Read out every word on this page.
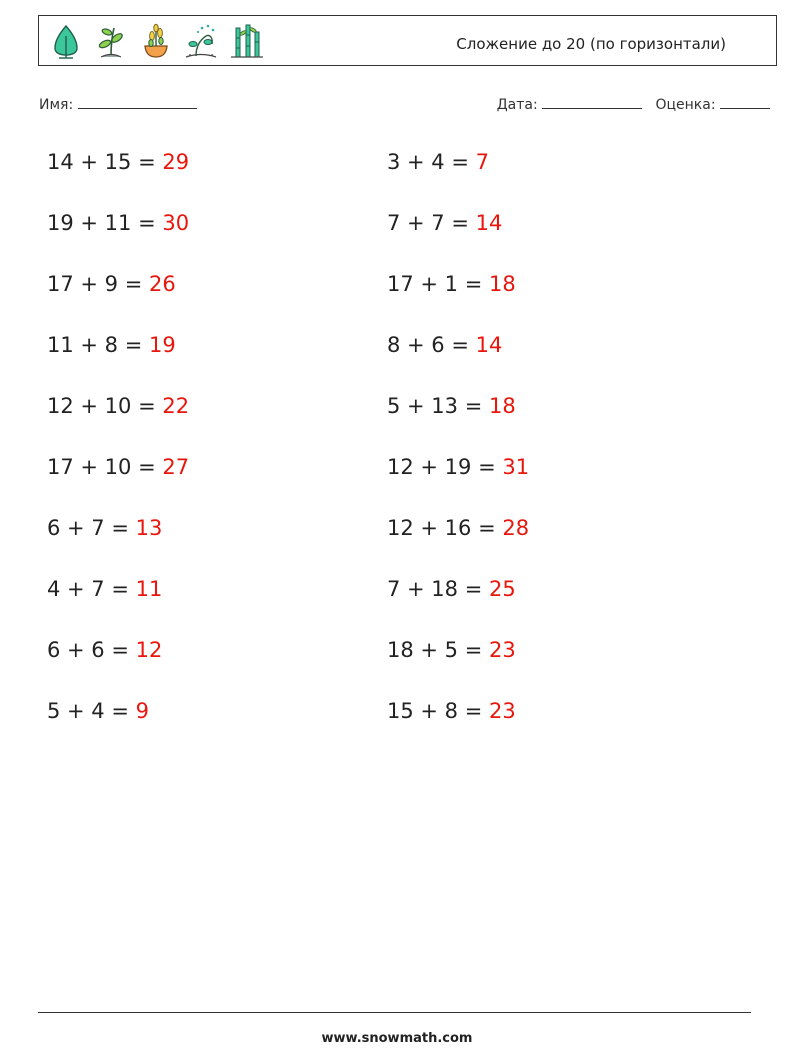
Сложение до 20 (по горизонтали)
Имя:	Дата:	Оценка:
14 + 15 = 29
19 + 11 = 30
17 + 9 = 26
11 + 8 = 19
12 + 10 = 22
17 + 10 = 27
6 + 7 = 13
4 + 7 = 11
6 + 6 = 12
5 + 4 = 9
3 + 4 = 7
7 + 7 = 14
17 + 1 = 18
8 + 6 = 14
5 + 13 = 18
12 + 19 = 31
12 + 16 = 28
7 + 18 = 25
18 + 5 = 23
15 + 8 = 23
www.snowmath.com
